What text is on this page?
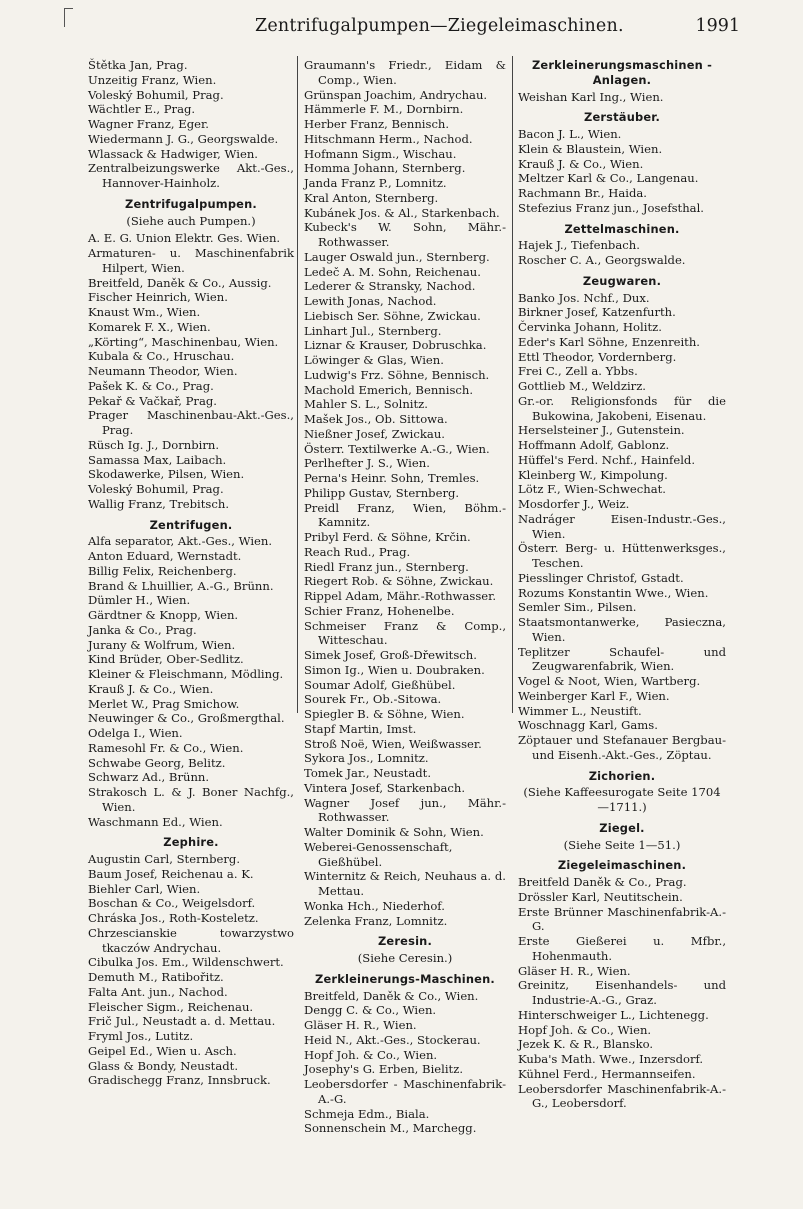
Zentrifugalpumpen—Ziegeleimaschinen.	1991
Štětka Jan, Prag.
Unzeitig Franz, Wien.
Voleský Bohumil, Prag.
Wächtler E., Prag.
Wagner Franz, Eger.
Wiedermann J. G., Georgswalde.
Wlassack & Hadwiger, Wien.
Zentralbeizungswerke Akt.-Ges., Hannover-Hainholz.
Zentrifugalpumpen.
(Siehe auch Pumpen.)
A. E. G. Union Elektr. Ges. Wien.
Armaturen- u. Maschinenfabrik Hilpert, Wien.
Breitfeld, Daněk & Co., Aussig.
Fischer Heinrich, Wien.
Knaust Wm., Wien.
Komarek F. X., Wien.
„Körting“, Maschinenbau, Wien.
Kubala & Co., Hruschau.
Neumann Theodor, Wien.
Pašek K. & Co., Prag.
Pekař & Vačkař, Prag.
Prager Maschinenbau-Akt.-Ges., Prag.
Rüsch Ig. J., Dornbirn.
Samassa Max, Laibach.
Skodawerke, Pilsen, Wien.
Voleský Bohumil, Prag.
Wallig Franz, Trebitsch.
Zentrifugen.
Alfa separator, Akt.-Ges., Wien.
Anton Eduard, Wernstadt.
Billig Felix, Reichenberg.
Brand & Lhuillier, A.-G., Brünn.
Dümler H., Wien.
Gärdtner & Knopp, Wien.
Janka & Co., Prag.
Jurany & Wolfrum, Wien.
Kind Brüder, Ober-Sedlitz.
Kleiner & Fleischmann, Mödling.
Krauß J. & Co., Wien.
Merlet W., Prag Smichow.
Neuwinger & Co., Großmergthal.
Odelga I., Wien.
Ramesohl Fr. & Co., Wien.
Schwabe Georg, Belitz.
Schwarz Ad., Brünn.
Strakosch L. & J. Boner Nachfg., Wien.
Waschmann Ed., Wien.
Zephire.
Augustin Carl, Sternberg.
Baum Josef, Reichenau a. K.
Biehler Carl, Wien.
Boschan & Co., Weigelsdorf.
Chráska Jos., Roth-Kosteletz.
Chrzescianskie towarzystwo tkaczów Andrychau.
Cibulka Jos. Em., Wildenschwert.
Demuth M., Ratibořitz.
Falta Ant. jun., Nachod.
Fleischer Sigm., Reichenau.
Frič Jul., Neustadt a. d. Mettau.
Fryml Jos., Lutitz.
Geipel Ed., Wien u. Asch.
Glass & Bondy, Neustadt.
Gradischegg Franz, Innsbruck.
Graumann's Friedr., Eidam & Comp., Wien.
Grünspan Joachim, Andrychau.
Hämmerle F. M., Dornbirn.
Herber Franz, Bennisch.
Hitschmann Herm., Nachod.
Hofmann Sigm., Wischau.
Homma Johann, Sternberg.
Janda Franz P., Lomnitz.
Kral Anton, Sternberg.
Kubánek Jos. & Al., Starkenbach.
Kubeck's W. Sohn, Mähr.-Rothwasser.
Lauger Oswald jun., Sternberg.
Ledeč A. M. Sohn, Reichenau.
Lederer & Stransky, Nachod.
Lewith Jonas, Nachod.
Liebisch Ser. Söhne, Zwickau.
Linhart Jul., Sternberg.
Liznar & Krauser, Dobruschka.
Löwinger & Glas, Wien.
Ludwig's Frz. Söhne, Bennisch.
Machold Emerich, Bennisch.
Mahler S. L., Solnitz.
Mašek Jos., Ob. Sittowa.
Nießner Josef, Zwickau.
Österr. Textilwerke A.-G., Wien.
Perlhefter J. S., Wien.
Perna's Heinr. Sohn, Tremles.
Philipp Gustav, Sternberg.
Preidl Franz, Wien, Böhm.-Kamnitz.
Pribyl Ferd. & Söhne, Krčin.
Reach Rud., Prag.
Riedl Franz jun., Sternberg.
Riegert Rob. & Söhne, Zwickau.
Rippel Adam, Mähr.-Rothwasser.
Schier Franz, Hohenelbe.
Schmeiser Franz & Comp., Witteschau.
Simek Josef, Groß-Dřewitsch.
Simon Ig., Wien u. Doubraken.
Soumar Adolf, Gießhübel.
Sourek Fr., Ob.-Sitowa.
Spiegler B. & Söhne, Wien.
Stapf Martin, Imst.
Stroß Noë, Wien, Weißwasser.
Sykora Jos., Lomnitz.
Tomek Jar., Neustadt.
Vintera Josef, Starkenbach.
Wagner Josef jun., Mähr.-Rothwasser.
Walter Dominik & Sohn, Wien.
Weberei-Genossenschaft, Gießhübel.
Winternitz & Reich, Neuhaus a. d. Mettau.
Wonka Hch., Niederhof.
Zelenka Franz, Lomnitz.
Zeresin.
(Siehe Ceresin.)
Zerkleinerungs-Maschinen.
Breitfeld, Daněk & Co., Wien.
Dengg C. & Co., Wien.
Gläser H. R., Wien.
Heid N., Akt.-Ges., Stockerau.
Hopf Joh. & Co., Wien.
Josephy's G. Erben, Bielitz.
Leobersdorfer - Maschinenfabrik-A.-G.
Schmeja Edm., Biala.
Sonnenschein M., Marchegg.
Zerkleinerungsmaschinen - Anlagen.
Weishan Karl Ing., Wien.
Zerstäuber.
Bacon J. L., Wien.
Klein & Blaustein, Wien.
Krauß J. & Co., Wien.
Meltzer Karl & Co., Langenau.
Rachmann Br., Haida.
Stefezius Franz jun., Josefsthal.
Zettelmaschinen.
Hajek J., Tiefenbach.
Roscher C. A., Georgswalde.
Zeugwaren.
Banko Jos. Nchf., Dux.
Birkner Josef, Katzenfurth.
Červinka Johann, Holitz.
Eder's Karl Söhne, Enzenreith.
Ettl Theodor, Vordernberg.
Frei C., Zell a. Ybbs.
Gottlieb M., Weldzirz.
Gr.-or. Religionsfonds für die Bukowina, Jakobeni, Eisenau.
Herselsteiner J., Gutenstein.
Hoffmann Adolf, Gablonz.
Hüffel's Ferd. Nchf., Hainfeld.
Kleinberg W., Kimpolung.
Lötz F., Wien-Schwechat.
Mosdorfer J., Weiz.
Nadráger Eisen-Industr.-Ges., Wien.
Österr. Berg- u. Hüttenwerksges., Teschen.
Piesslinger Christof, Gstadt.
Rozums Konstantin Wwe., Wien.
Semler Sim., Pilsen.
Staatsmontanwerke, Pasieczna, Wien.
Teplitzer Schaufel- und Zeugwarenfabrik, Wien.
Vogel & Noot, Wien, Wartberg.
Weinberger Karl F., Wien.
Wimmer L., Neustift.
Woschnagg Karl, Gams.
Zöptauer und Stefanauer Bergbau- und Eisenh.-Akt.-Ges., Zöptau.
Zichorien.
(Siehe Kaffeesurogate Seite 1704—1711.)
Ziegel.
(Siehe Seite 1—51.)
Ziegeleimaschinen.
Breitfeld Daněk & Co., Prag.
Drössler Karl, Neutitschein.
Erste Brünner Maschinenfabrik-A.-G.
Erste Gießerei u. Mfbr., Hohenmauth.
Gläser H. R., Wien.
Greinitz, Eisenhandels- und Industrie-A.-G., Graz.
Hinterschweiger L., Lichtenegg.
Hopf Joh. & Co., Wien.
Jezek K. & R., Blansko.
Kuba's Math. Wwe., Inzersdorf.
Kühnel Ferd., Hermannseifen.
Leobersdorfer Maschinenfabrik-A.-G., Leobersdorf.
